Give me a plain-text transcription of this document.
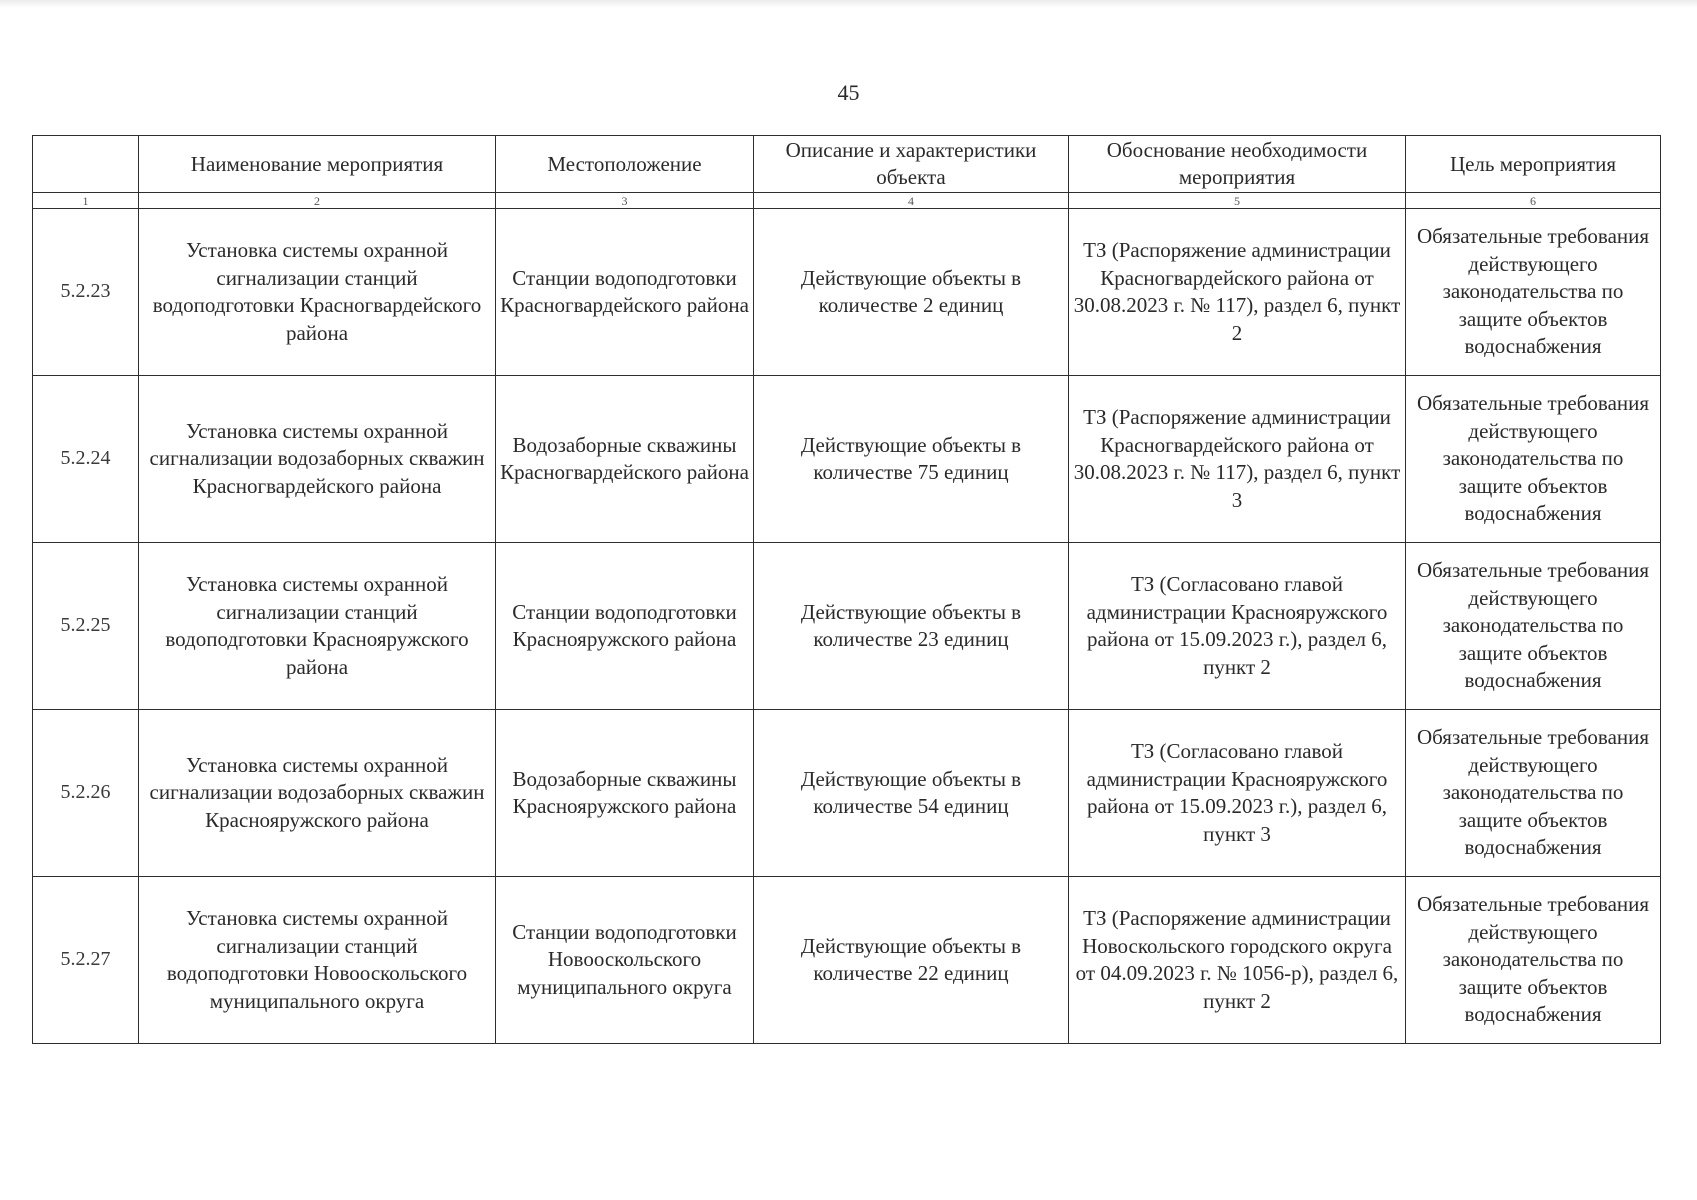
45
	Наименование мероприятия	Местоположение	Описание и характеристики объекта	Обоснование необходимости мероприятия	Цель мероприятия
1	2	3	4	5	6
5.2.23	Установка системы охранной сигнализации станций водоподготовки Красногвардейского района	Станции водоподготовки Красногвардейского района	Действующие объекты в количестве 2 единиц	ТЗ (Распоряжение администрации Красногвардейского района от 30.08.2023 г. № 117), раздел 6, пункт 2	Обязательные требования действующего законодательства по защите объектов водоснабжения
5.2.24	Установка системы охранной сигнализации водозаборных скважин Красногвардейского района	Водозаборные скважины Красногвардейского района	Действующие объекты в количестве 75 единиц	ТЗ (Распоряжение администрации Красногвардейского района от 30.08.2023 г. № 117), раздел 6, пункт 3	Обязательные требования действующего законодательства по защите объектов водоснабжения
5.2.25	Установка системы охранной сигнализации станций водоподготовки Краснояружского района	Станции водоподготовки Краснояружского района	Действующие объекты в количестве 23 единиц	ТЗ (Согласовано главой администрации Краснояружского района от 15.09.2023 г.), раздел 6, пункт 2	Обязательные требования действующего законодательства по защите объектов водоснабжения
5.2.26	Установка системы охранной сигнализации водозаборных скважин Краснояружского района	Водозаборные скважины Краснояружского района	Действующие объекты в количестве 54 единиц	ТЗ (Согласовано главой администрации Краснояружского района от 15.09.2023 г.), раздел 6, пункт 3	Обязательные требования действующего законодательства по защите объектов водоснабжения
5.2.27	Установка системы охранной сигнализации станций водоподготовки Новооскольского муниципального округа	Станции водоподготовки Новооскольского муниципального округа	Действующие объекты в количестве 22 единиц	ТЗ (Распоряжение администрации Новоскольского городского округа от 04.09.2023 г. № 1056-р), раздел 6, пункт 2	Обязательные требования действующего законодательства по защите объектов водоснабжения
